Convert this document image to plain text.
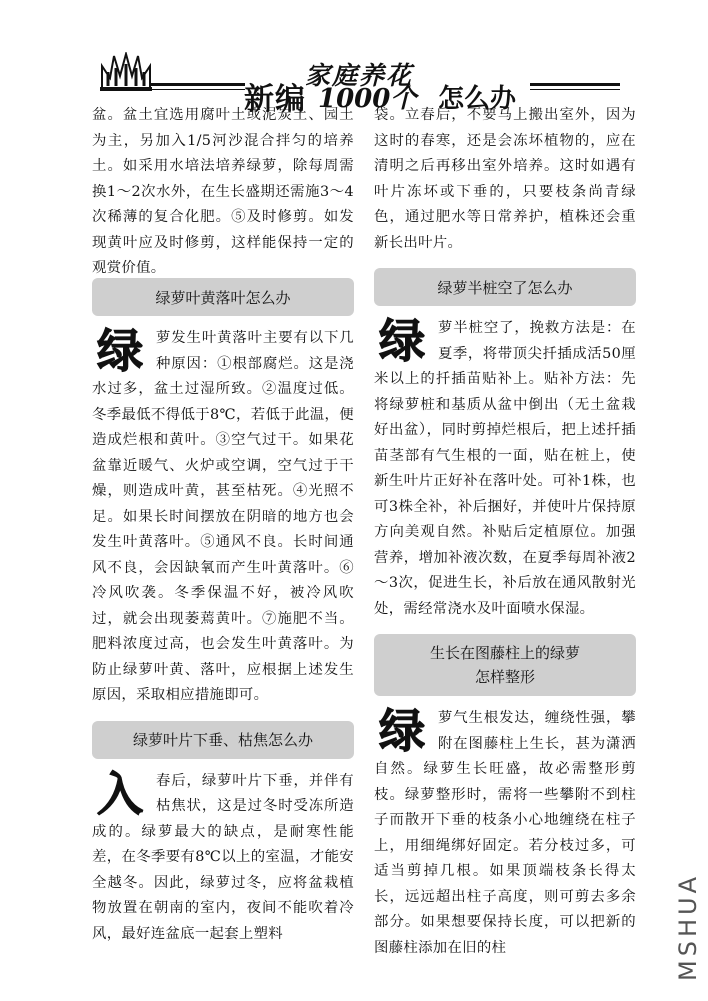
家庭养花
新编 1000个 怎么办

盆。盆土宜选用腐叶土或泥炭土、园土为主，另加入1/5河沙混合拌匀的培养土。如采用水培法培养绿萝，除每周需换1～2次水外，在生长盛期还需施3～4次稀薄的复合化肥。⑤及时修剪。如发现黄叶应及时修剪，这样能保持一定的观赏价值。

绿萝叶黄落叶怎么办
绿 萝发生叶黄落叶主要有以下几种原因：①根部腐烂。这是浇水过多，盆土过湿所致。②温度过低。冬季最低不得低于8℃，若低于此温，便造成烂根和黄叶。③空气过干。如果花盆靠近暖气、火炉或空调，空气过于干燥，则造成叶黄，甚至枯死。④光照不足。如果长时间摆放在阴暗的地方也会发生叶黄落叶。⑤通风不良。长时间通风不良，会因缺氧而产生叶黄落叶。⑥冷风吹袭。冬季保温不好，被冷风吹过，就会出现萎蔫黄叶。⑦施肥不当。肥料浓度过高，也会发生叶黄落叶。为防止绿萝叶黄、落叶，应根据上述发生原因，采取相应措施即可。

绿萝叶片下垂、枯焦怎么办
入 春后，绿萝叶片下垂，并伴有枯焦状，这是过冬时受冻所造成的。绿萝最大的缺点，是耐寒性能差，在冬季要有8℃以上的室温，才能安全越冬。因此，绿萝过冬，应将盆栽植物放置在朝南的室内，夜间不能吹着冷风，最好连盆底一起套上塑料

袋。立春后，不要马上搬出室外，因为这时的春寒，还是会冻坏植物的，应在清明之后再移出室外培养。这时如遇有叶片冻坏或下垂的，只要枝条尚青绿色，通过肥水等日常养护，植株还会重新长出叶片。

绿萝半桩空了怎么办
绿 萝半桩空了，挽救方法是：在夏季，将带顶尖扦插成活50厘米以上的扦插苗贴补上。贴补方法：先将绿萝桩和基质从盆中倒出（无土盆栽好出盆），同时剪掉烂根后，把上述扦插苗茎部有气生根的一面，贴在桩上，使新生叶片正好补在落叶处。可补1株，也可3株全补，补后捆好，并使叶片保持原方向美观自然。补贴后定植原位。加强营养，增加补液次数，在夏季每周补液2～3次，促进生长，补后放在通风散射光处，需经常浇水及叶面喷水保湿。

生长在图藤柱上的绿萝
怎样整形
绿 萝气生根发达，缠绕性强，攀附在图藤柱上生长，甚为潇洒自然。绿萝生长旺盛，故必需整形剪枝。绿萝整形时，需将一些攀附不到柱子而散开下垂的枝条小心地缠绕在柱子上，用细绳绑好固定。若分枝过多，可适当剪掉几根。如果顶端枝条长得太长，远远超出柱子高度，则可剪去多余部分。如果想要保持长度，可以把新的图藤柱添加在旧的柱	MSHUA
